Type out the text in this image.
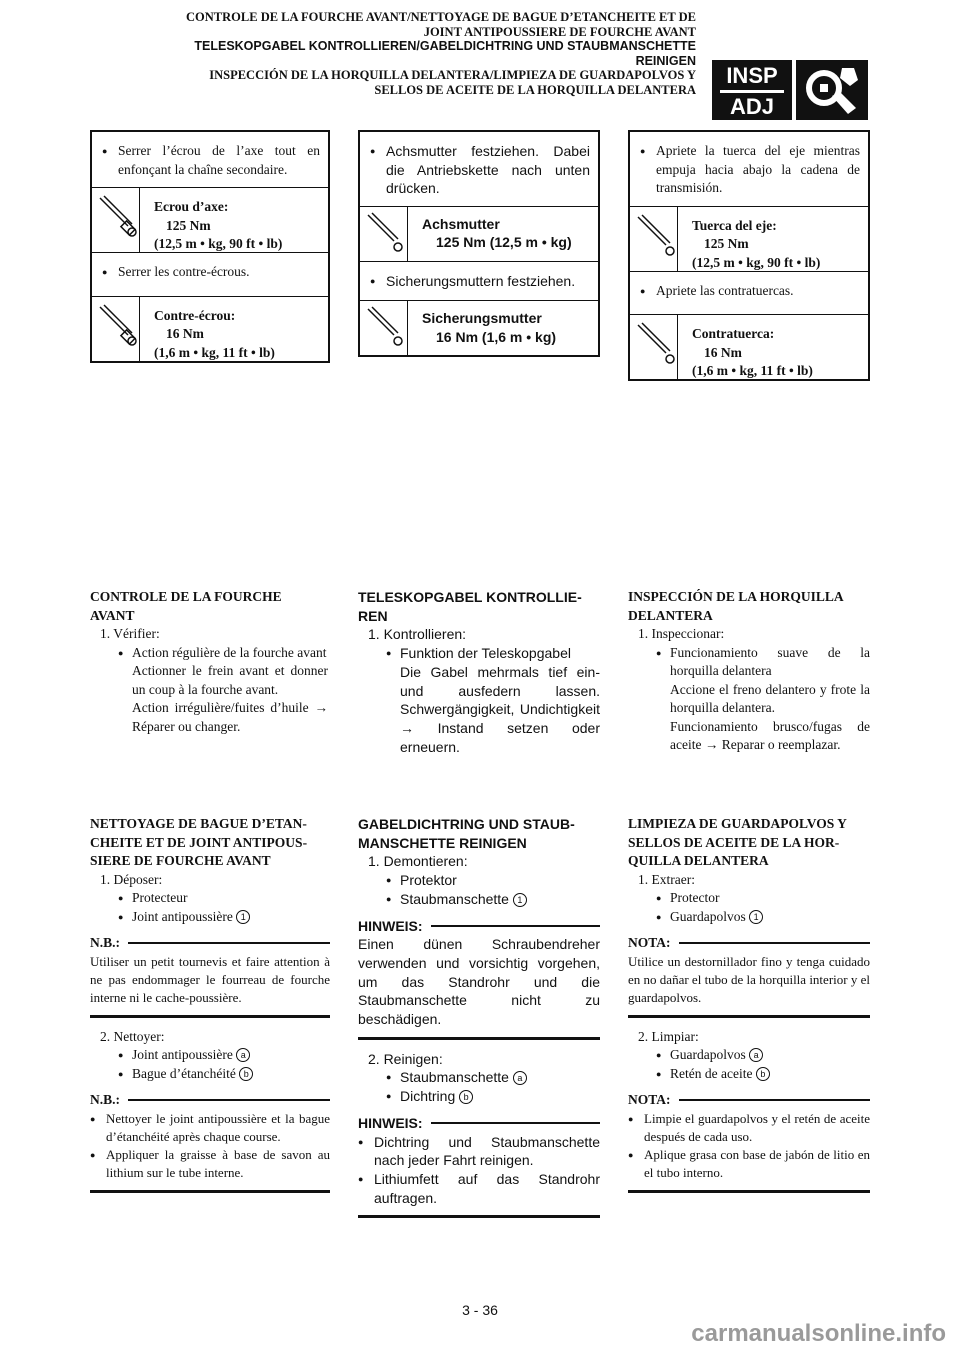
CONTROLE DE LA FOURCHE AVANT/NETTOYAGE DE BAGUE D’ETANCHEITE ET DE
JOINT ANTIPOUSSIERE DE FOURCHE AVANT
TELESKOPGABEL KONTROLLIEREN/GABELDICHTRING UND STAUBMANSCHETTE
REINIGEN
INSPECCIÓN DE LA HORQUILLA DELANTERA/LIMPIEZA DE GUARDAPOLVOS Y
SELLOS DE ACEITE DE LA HORQUILLA DELANTERA
INSP
ADJ
● Serrer l’écrou de l’axe tout en enfonçant la chaîne secondaire.
Ecrou d’axe:
125 Nm
(12,5 m • kg, 90 ft • lb)
● Serrer les contre-écrous.
Contre-écrou:
16 Nm
(1,6 m • kg, 11 ft • lb)
● Achsmutter festziehen. Dabei die Antriebskette nach unten drücken.
Achsmutter
125 Nm (12,5 m • kg)
● Sicherungsmuttern festziehen.
Sicherungsmutter
16 Nm (1,6 m • kg)
● Apriete la tuerca del eje mientras empuja hacia abajo la cadena de transmisión.
Tuerca del eje:
125 Nm
(12,5 m • kg, 90 ft • lb)
● Apriete las contratuercas.
Contratuerca:
16 Nm
(1,6 m • kg, 11 ft • lb)
CONTROLE DE LA FOURCHE
AVANT
1. Vérifier:
● Action régulière de la fourche avant
Actionner le frein avant et donner un coup à la fourche avant.
Action irrégulière/fuites d’huile → Réparer ou changer.
TELESKOPGABEL KONTROLLIE-
REN
1. Kontrollieren:
● Funktion der Teleskopgabel
Die Gabel mehrmals tief ein- und ausfedern lassen. Schwergängigkeit, Undichtigkeit → Instand setzen oder erneuern.
INSPECCIÓN DE LA HORQUILLA
DELANTERA
1. Inspeccionar:
● Funcionamiento suave de la horquilla delantera
Accione el freno delantero y frote la horquilla delantera.
Funcionamiento brusco/fugas de aceite → Reparar o reemplazar.
NETTOYAGE DE BAGUE D’ETAN-
CHEITE ET DE JOINT ANTIPOUS-
SIERE DE FOURCHE AVANT
1. Déposer:
● Protecteur
● Joint antipoussière 1
N.B.:
Utiliser un petit tournevis et faire attention à ne pas endommager le fourreau de fourche interne ni le cache-poussière.
2. Nettoyer:
● Joint antipoussière a
● Bague d’étanchéité b
N.B.:
● Nettoyer le joint antipoussière et la bague d’étanchéité après chaque course.
● Appliquer la graisse à base de savon au lithium sur le tube interne.
GABELDICHTRING UND STAUB-
MANSCHETTE REINIGEN
1. Demontieren:
● Protektor
● Staubmanschette 1
HINWEIS:
Einen dünen Schraubendreher verwenden und vorsichtig vorgehen, um das Standrohr und die Staubmanschette nicht zu beschädigen.
2. Reinigen:
● Staubmanschette a
● Dichtring b
HINWEIS:
● Dichtring und Staubmanschette nach jeder Fahrt reinigen.
● Lithiumfett auf das Standrohr auftragen.
LIMPIEZA DE GUARDAPOLVOS Y
SELLOS DE ACEITE DE LA HOR-
QUILLA DELANTERA
1. Extraer:
● Protector
● Guardapolvos 1
NOTA:
Utilice un destornillador fino y tenga cuidado en no dañar el tubo de la horquilla interior y el guardapolvos.
2. Limpiar:
● Guardapolvos a
● Retén de aceite b
NOTA:
● Limpie el guardapolvos y el retén de aceite después de cada uso.
● Aplique grasa con base de jabón de litio en el tubo interno.
3 - 36
carmanualsonline.info
